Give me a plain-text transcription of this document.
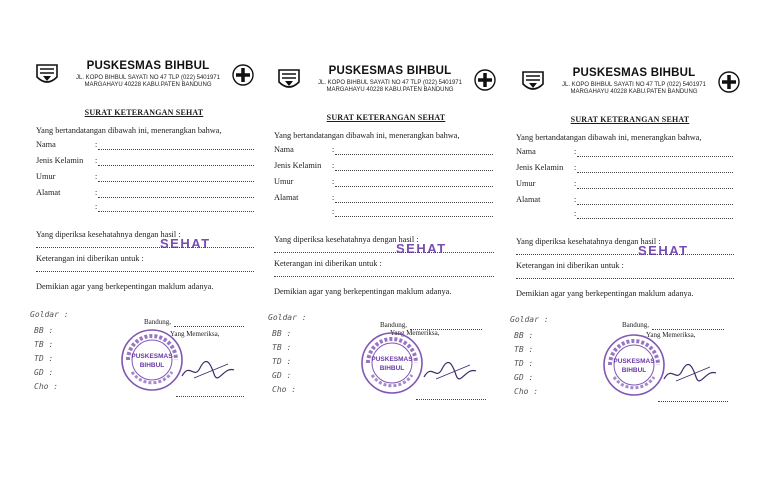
PUSKESMAS BIHBUL
JL. KOPO BIHBUL SAYATI NO 47 TLP (022) 5401971
MARGAHAYU 40228 KABU.PATEN BANDUNG
SURAT KETERANGAN SEHAT
Yang bertandatangan dibawah ini, menerangkan bahwa,
Nama	:
Jenis Kelamin :
Umur	:
Alamat	:
:
Yang diperiksa kesehatahnya dengan hasil :
SEHAT
Keterangan ini diberikan untuk :
Demikian agar yang berkepentingan maklum adanya.
Goldar :
BB :
TB :
TD :
GD :
Cho :
Bandung,
Yang Memeriksa,
PUSKESMAS
BIHBUL
PUSKESMAS BIHBUL
JL. KOPO BIHBUL SAYATI NO 47 TLP (022) 5401971
MARGAHAYU 40228 KABU.PATEN BANDUNG
SURAT KETERANGAN SEHAT
Yang bertandatangan dibawah ini, menerangkan bahwa,
Nama	:
Jenis Kelamin :
Umur	:
Alamat	:
:
Yang diperiksa kesehatahnya dengan hasil :
SEHAT
Keterangan ini diberikan untuk :
Demikian agar yang berkepentingan maklum adanya.
Goldar :
BB :
TB :
TD :
GD :
Cho :
Bandung,
Yang Memeriksa,
PUSKESMAS
BIHBUL
PUSKESMAS BIHBUL
JL. KOPO BIHBUL SAYATI NO 47 TLP (022) 5401971
MARGAHAYU 40228 KABU.PATEN BANDUNG
SURAT KETERANGAN SEHAT
Yang bertandatangan dibawah ini, menerangkan bahwa,
Nama	:
Jenis Kelamin :
Umur	:
Alamat	:
:
Yang diperiksa kesehatahnya dengan hasil :
SEHAT
Keterangan ini diberikan untuk :
Demikian agar yang berkepentingan maklum adanya.
Goldar :
BB :
TB :
TD :
GD :
Cho :
Bandung,
Yang Memeriksa,
PUSKESMAS
BIHBUL
